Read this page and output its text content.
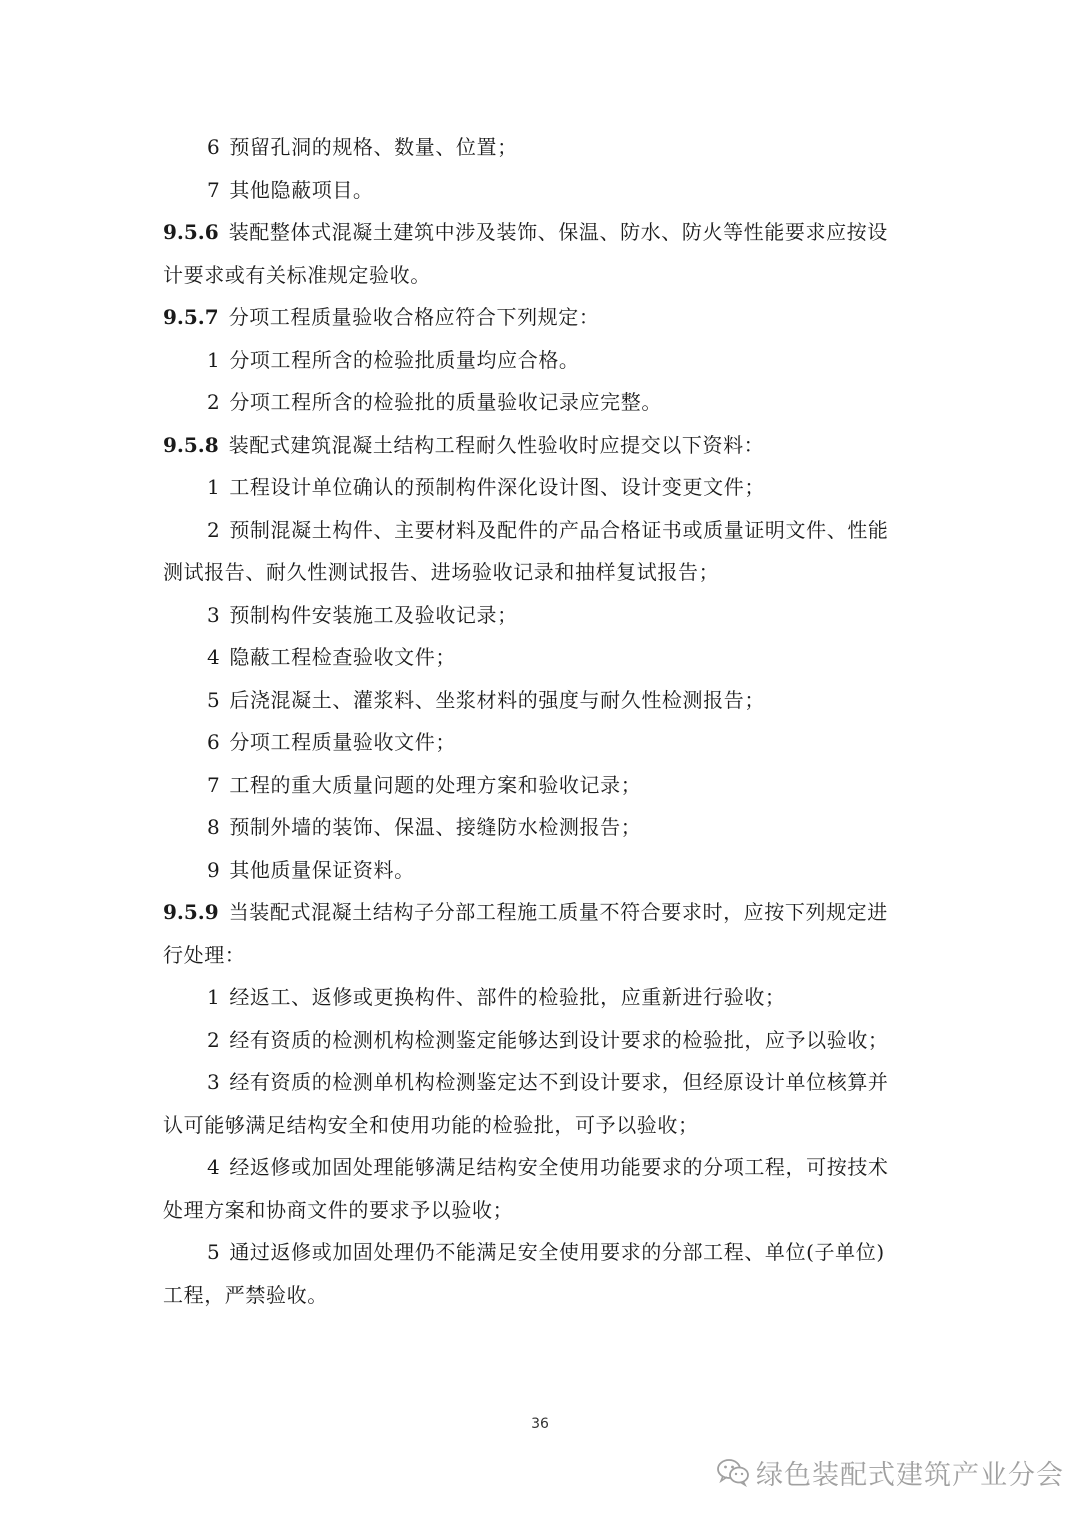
6 预留孔洞的规格、数量、位置；
7 其他隐蔽项目。
9.5.6 装配整体式混凝土建筑中涉及装饰、保温、防水、防火等性能要求应按设
计要求或有关标准规定验收。
9.5.7 分项工程质量验收合格应符合下列规定：
1 分项工程所含的检验批质量均应合格。
2 分项工程所含的检验批的质量验收记录应完整。
9.5.8 装配式建筑混凝土结构工程耐久性验收时应提交以下资料：
1 工程设计单位确认的预制构件深化设计图、设计变更文件；
2 预制混凝土构件、主要材料及配件的产品合格证书或质量证明文件、性能
测试报告、耐久性测试报告、进场验收记录和抽样复试报告；
3 预制构件安装施工及验收记录；
4 隐蔽工程检查验收文件；
5 后浇混凝土、灌浆料、坐浆材料的强度与耐久性检测报告；
6 分项工程质量验收文件；
7 工程的重大质量问题的处理方案和验收记录；
8 预制外墙的装饰、保温、接缝防水检测报告；
9 其他质量保证资料。
9.5.9 当装配式混凝土结构子分部工程施工质量不符合要求时，应按下列规定进
行处理：
1 经返工、返修或更换构件、部件的检验批，应重新进行验收；
2 经有资质的检测机构检测鉴定能够达到设计要求的检验批，应予以验收；
3 经有资质的检测单机构检测鉴定达不到设计要求，但经原设计单位核算并
认可能够满足结构安全和使用功能的检验批，可予以验收；
4 经返修或加固处理能够满足结构安全使用功能要求的分项工程，可按技术
处理方案和协商文件的要求予以验收；
5 通过返修或加固处理仍不能满足安全使用要求的分部工程、单位(子单位)
工程，严禁验收。
36
绿色装配式建筑产业分会
